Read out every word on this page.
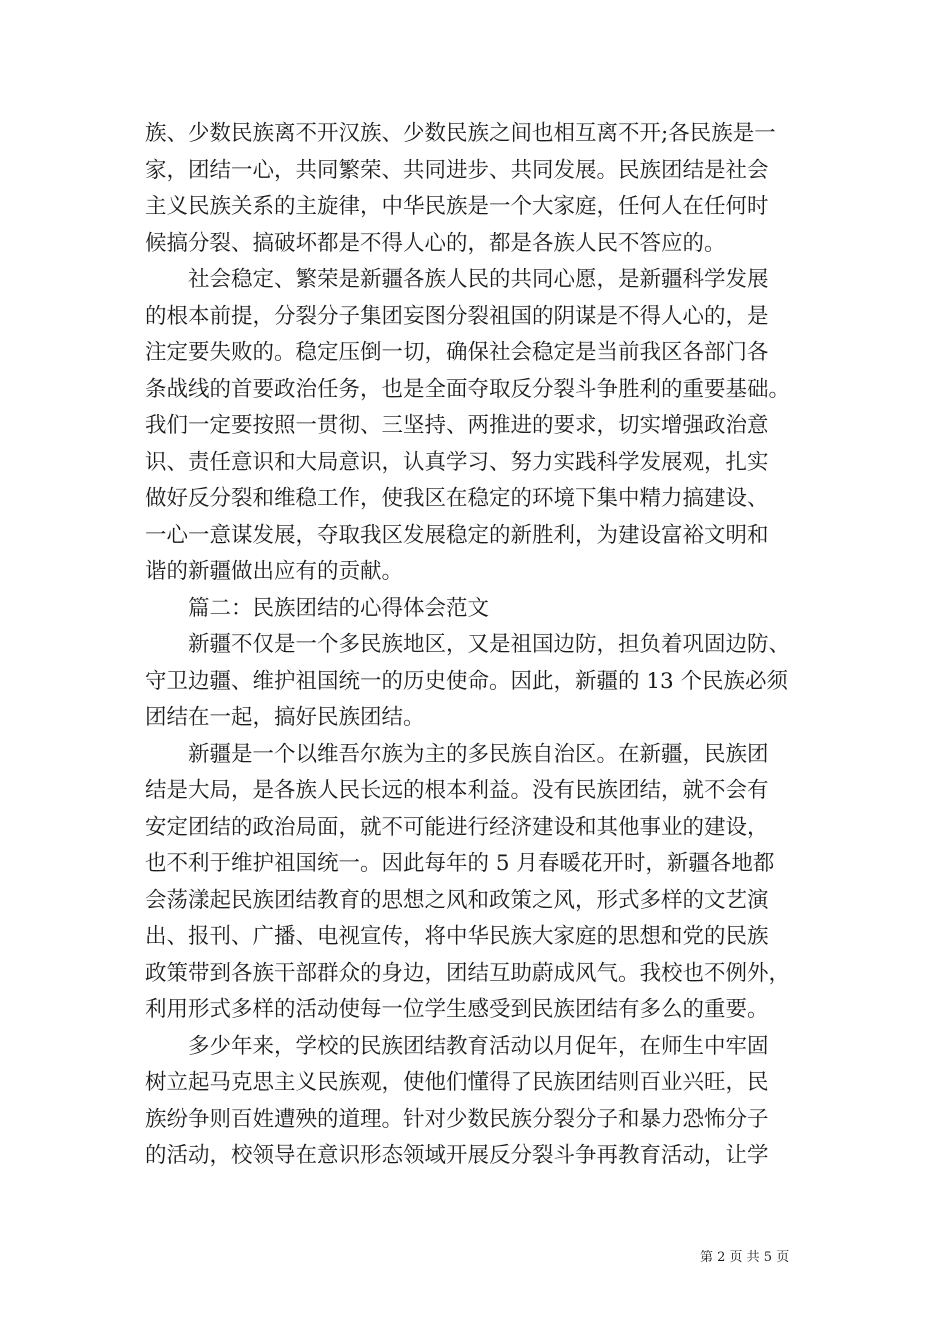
族、少数民族离不开汉族、少数民族之间也相互离不开;各民族是一
家，团结一心，共同繁荣、共同进步、共同发展。民族团结是社会
主义民族关系的主旋律，中华民族是一个大家庭，任何人在任何时
候搞分裂、搞破坏都是不得人心的，都是各族人民不答应的。
　　社会稳定、繁荣是新疆各族人民的共同心愿，是新疆科学发展
的根本前提，分裂分子集团妄图分裂祖国的阴谋是不得人心的，是
注定要失败的。稳定压倒一切，确保社会稳定是当前我区各部门各
条战线的首要政治任务，也是全面夺取反分裂斗争胜利的重要基础。
我们一定要按照一贯彻、三坚持、两推进的要求，切实增强政治意
识、责任意识和大局意识，认真学习、努力实践科学发展观，扎实
做好反分裂和维稳工作，使我区在稳定的环境下集中精力搞建设、
一心一意谋发展，夺取我区发展稳定的新胜利，为建设富裕文明和
谐的新疆做出应有的贡献。
　　篇二：民族团结的心得体会范文
　　新疆不仅是一个多民族地区，又是祖国边防，担负着巩固边防、
守卫边疆、维护祖国统一的历史使命。因此，新疆的 13 个民族必须
团结在一起，搞好民族团结。
　　新疆是一个以维吾尔族为主的多民族自治区。在新疆，民族团
结是大局，是各族人民长远的根本利益。没有民族团结，就不会有
安定团结的政治局面，就不可能进行经济建设和其他事业的建设，
也不利于维护祖国统一。因此每年的 5 月春暖花开时，新疆各地都
会荡漾起民族团结教育的思想之风和政策之风，形式多样的文艺演
出、报刊、广播、电视宣传，将中华民族大家庭的思想和党的民族
政策带到各族干部群众的身边，团结互助蔚成风气。我校也不例外，
利用形式多样的活动使每一位学生感受到民族团结有多么的重要。
　　多少年来，学校的民族团结教育活动以月促年，在师生中牢固
树立起马克思主义民族观，使他们懂得了民族团结则百业兴旺，民
族纷争则百姓遭殃的道理。针对少数民族分裂分子和暴力恐怖分子
的活动，校领导在意识形态领域开展反分裂斗争再教育活动，让学
第 2 页 共 5 页
